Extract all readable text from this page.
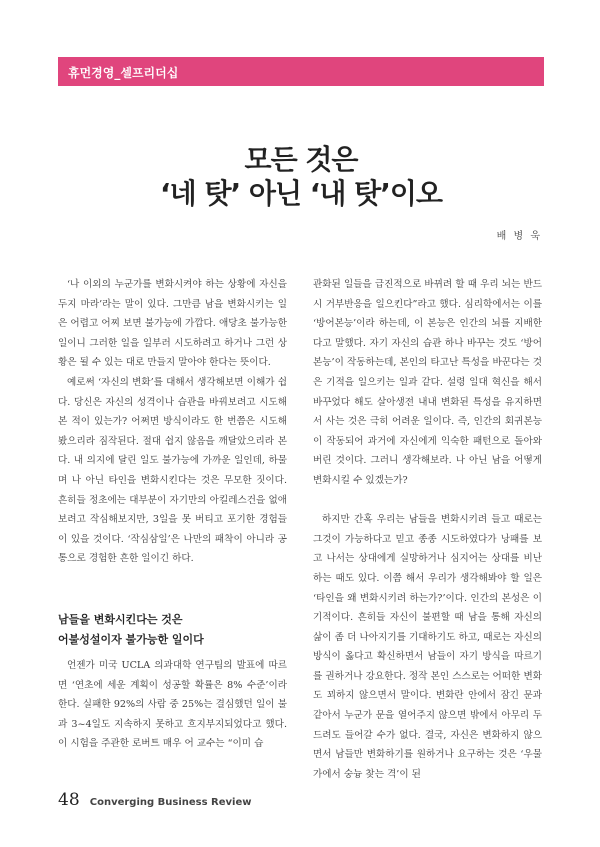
휴먼경영_셀프리더십
모든 것은
‘네 탓’ 아닌 ‘내 탓’이오
배 병 욱

‘나 이외의 누군가를 변화시켜야 하는 상황에 자신을 두지 마라’라는 말이 있다. 그만큼 남을 변화시키는 일은 어렵고 어찌 보면 불가능에 가깝다. 애당초 불가능한 일이니 그러한 일을 일부러 시도하려고 하거나 그런 상황은 될 수 있는 대로 만들지 말아야 한다는 뜻이다.

예로써 ‘자신의 변화’를 대해서 생각해보면 이해가 쉽다. 당신은 자신의 성격이나 습관을 바꿔보려고 시도해 본 적이 있는가? 어쩌면 방식이라도 한 번쯤은 시도해 봤으리라 짐작된다. 절대 쉽지 않음을 깨달았으리라 본다. 내 의지에 달린 일도 불가능에 가까운 일인데, 하물며 나 아닌 타인을 변화시킨다는 것은 무모한 짓이다. 흔히들 정초에는 대부분이 자기만의 아킬레스건을 없애 보려고 작심해보지만, 3일을 못 버티고 포기한 경험들이 있을 것이다. ‘작심삼일’은 나만의 패착이 아니라 공통으로 경험한 흔한 일이긴 하다.

남들을 변화시킨다는 것은
어불성설이자 불가능한 일이다

언젠가 미국 UCLA 의과대학 연구팀의 발표에 따르면 ‘연초에 세운 계획이 성공할 확률은 8% 수준’이라 한다. 실패한 92%의 사람 중 25%는 결심했던 일이 불과 3~4일도 지속하지 못하고 흐지부지되었다고 했다. 이 시험을 주관한 로버트 매우 어 교수는 “이미 습

관화된 일들을 급진적으로 바뀌려 할 때 우리 뇌는 반드시 거부반응을 일으킨다”라고 했다. 심리학에서는 이를 ‘방어본능’이라 하는데, 이 본능은 인간의 뇌를 지배한다고 말했다. 자기 자신의 습관 하나 바꾸는 것도 ‘방어본능’이 작동하는데, 본인의 타고난 특성을 바꾼다는 것은 기적을 일으키는 일과 같다. 설령 일대 혁신을 해서 바꾸었다 해도 살아생전 내내 변화된 특성을 유지하면서 사는 것은 극히 어려운 일이다. 즉, 인간의 회귀본능이 작동되어 과거에 자신에게 익숙한 패턴으로 돌아와 버린 것이다. 그러니 생각해보라. 나 아닌 남을 어떻게 변화시킬 수 있겠는가?

하지만 간혹 우리는 남들을 변화시키려 들고 때로는 그것이 가능하다고 믿고 종종 시도하였다가 낭패를 보고 나서는 상대에게 실망하거나 심지어는 상대를 비난하는 때도 있다. 이쯤 해서 우리가 생각해봐야 할 일은 ‘타인을 왜 변화시키려 하는가?’이다. 인간의 본성은 이기적이다. 흔히들 자신이 불편할 때 남을 통해 자신의 삶이 좀 더 나아지기를 기대하기도 하고, 때로는 자신의 방식이 옳다고 확신하면서 남들이 자기 방식을 따르기를 권하거나 강요한다. 정작 본인 스스로는 어떠한 변화도 꾀하지 않으면서 말이다. 변화란 안에서 잠긴 문과 같아서 누군가 문을 열어주지 않으면 밖에서 아무리 두드려도 들어갈 수가 없다. 결국, 자신은 변화하지 않으면서 남들만 변화하기를 원하거나 요구하는 것은 ‘우물가에서 숭늉 찾는 격’이 된

48 Converging Business Review
